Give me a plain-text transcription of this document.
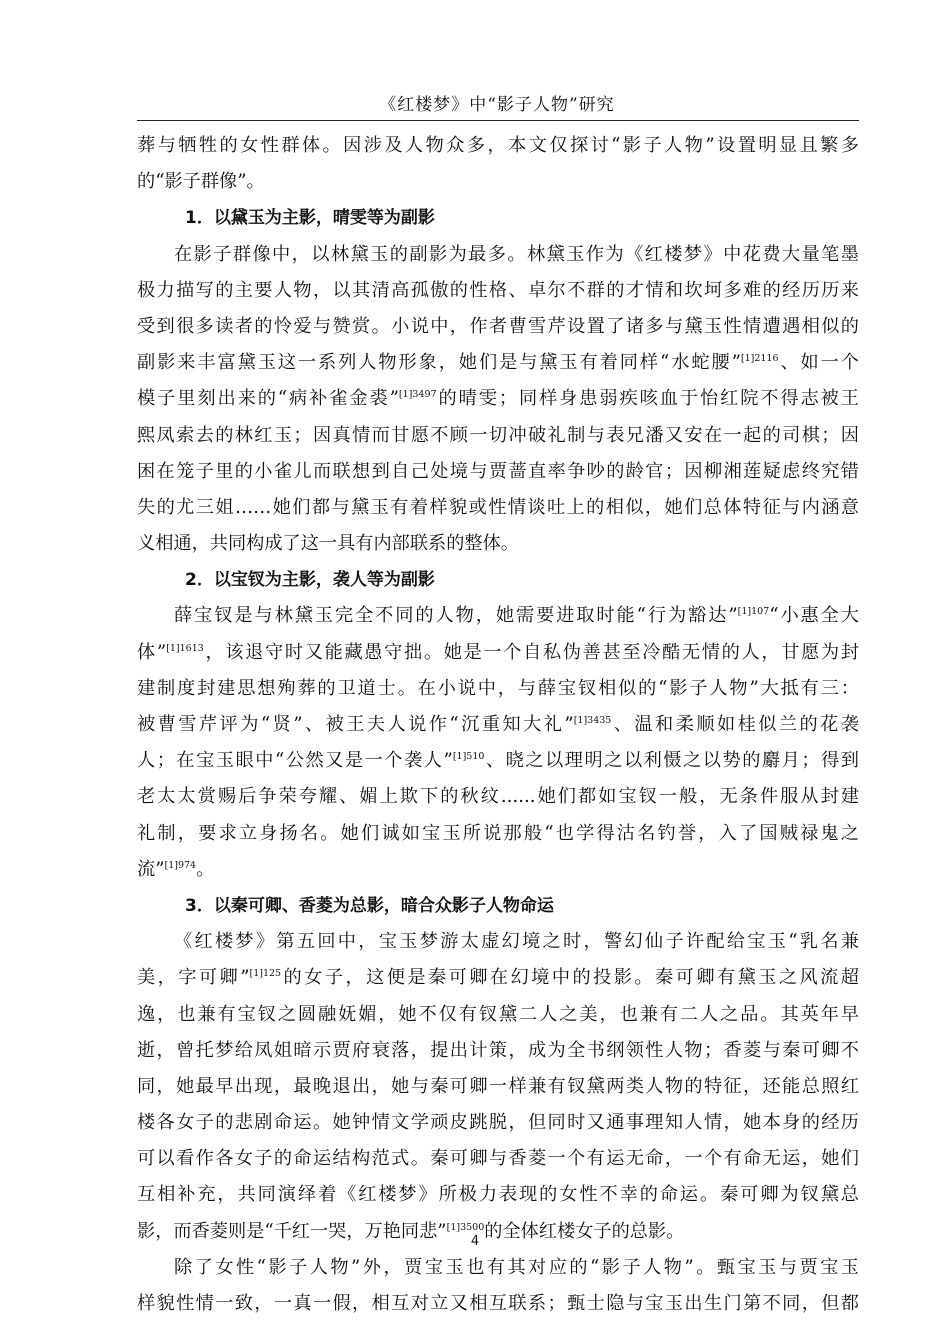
《红楼梦》中“影子人物”研究
葬与牺牲的女性群体。因涉及人物众多，本文仅探讨“影子人物”设置明显且繁多
的“影子群像”。
1．以黛玉为主影，晴雯等为副影
在影子群像中，以林黛玉的副影为最多。林黛玉作为《红楼梦》中花费大量笔墨
极力描写的主要人物，以其清高孤傲的性格、卓尔不群的才情和坎坷多难的经历历来
受到很多读者的怜爱与赞赏。小说中，作者曹雪芹设置了诸多与黛玉性情遭遇相似的
副影来丰富黛玉这一系列人物形象，她们是与黛玉有着同样“水蛇腰”$^{[1]2116}$、如一个
模子里刻出来的“病补雀金裘”$^{[1]3497}$的晴雯；同样身患弱疾咳血于怡红院不得志被王
熙凤索去的林红玉；因真情而甘愿不顾一切冲破礼制与表兄潘又安在一起的司棋；因
困在笼子里的小雀儿而联想到自己处境与贾蔷直率争吵的龄官；因柳湘莲疑虑终究错
失的尤三姐……她们都与黛玉有着样貌或性情谈吐上的相似，她们总体特征与内涵意
义相通，共同构成了这一具有内部联系的整体。
2．以宝钗为主影，袭人等为副影
薛宝钗是与林黛玉完全不同的人物，她需要进取时能“行为豁达”$^{[1]107}$“小惠全大
体”$^{[1]1613}$，该退守时又能藏愚守拙。她是一个自私伪善甚至冷酷无情的人，甘愿为封
建制度封建思想殉葬的卫道士。在小说中，与薛宝钗相似的“影子人物”大抵有三：
被曹雪芹评为“贤”、被王夫人说作“沉重知大礼”$^{[1]3435}$、温和柔顺如桂似兰的花袭
人；在宝玉眼中“公然又是一个袭人”$^{[1]510}$、晓之以理明之以利慑之以势的麝月；得到
老太太赏赐后争荣夸耀、媚上欺下的秋纹......她们都如宝钗一般，无条件服从封建
礼制，要求立身扬名。她们诚如宝玉所说那般“也学得沽名钓誉，入了国贼禄鬼之
流”$^{[1]974}$。
3．以秦可卿、香菱为总影，暗合众影子人物命运
《红楼梦》第五回中，宝玉梦游太虚幻境之时，警幻仙子许配给宝玉“乳名兼
美，字可卿”$^{[1]125}$的女子，这便是秦可卿在幻境中的投影。秦可卿有黛玉之风流超
逸，也兼有宝钗之圆融妩媚，她不仅有钗黛二人之美，也兼有二人之品。其英年早
逝，曾托梦给凤姐暗示贾府衰落，提出计策，成为全书纲领性人物；香菱与秦可卿不
同，她最早出现，最晚退出，她与秦可卿一样兼有钗黛两类人物的特征，还能总照红
楼各女子的悲剧命运。她钟情文学顽皮跳脱，但同时又通事理知人情，她本身的经历
可以看作各女子的命运结构范式。秦可卿与香菱一个有运无命，一个有命无运，她们
互相补充，共同演绎着《红楼梦》所极力表现的女性不幸的命运。秦可卿为钗黛总
影，而香菱则是“千红一哭，万艳同悲”$^{[1]3500}$的全体红楼女子的总影。
除了女性“影子人物”外，贾宝玉也有其对应的“影子人物”。甄宝玉与贾宝玉
样貌性情一致，一真一假，相互对立又相互联系；甄士隐与宝玉出生门第不同，但都
4
